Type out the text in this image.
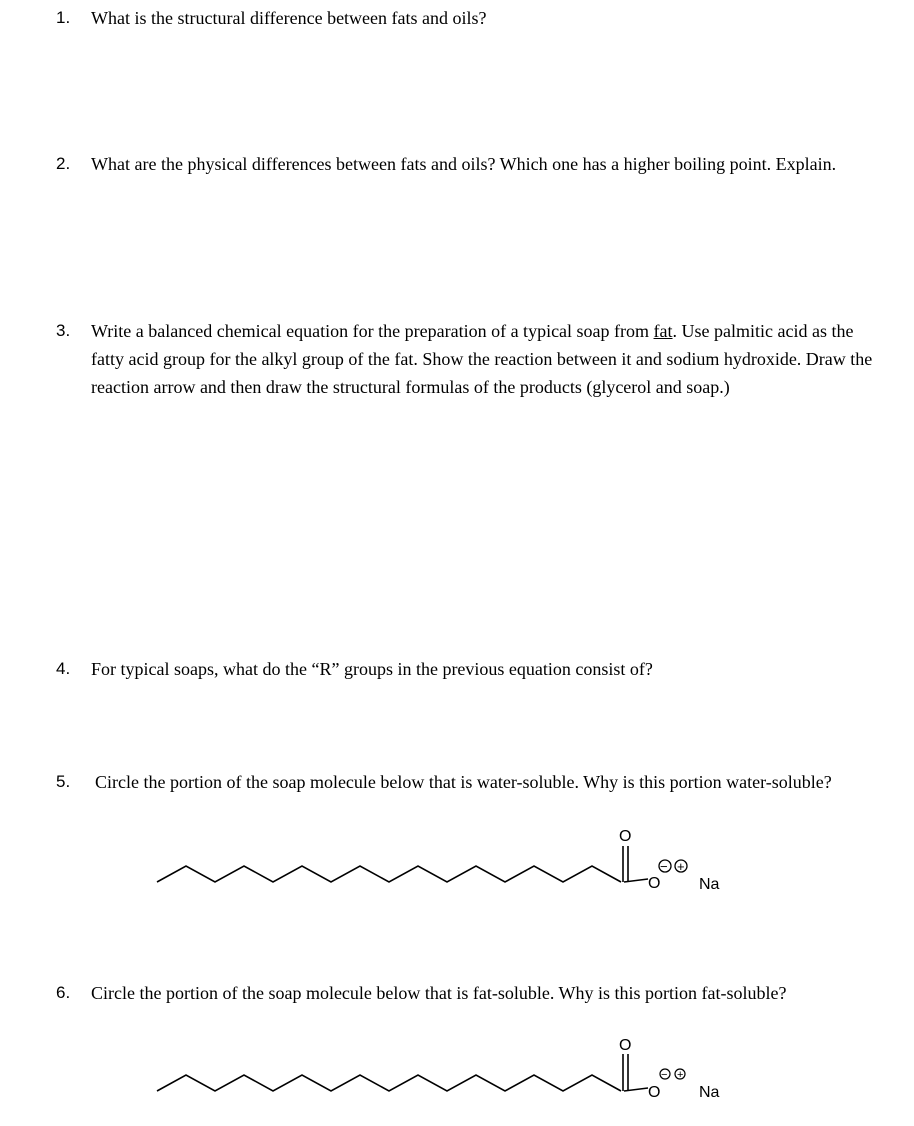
1.	What is the structural difference between fats and oils?
2.	What are the physical differences between fats and oils? Which one has a higher boiling point. Explain.
3.	Write a balanced chemical equation for the preparation of a typical soap from fat. Use palmitic acid as the fatty acid group for the alkyl group of the fat. Show the reaction between it and sodium hydroxide. Draw the reaction arrow and then draw the structural formulas of the products (glycerol and soap.)
4.	For typical soaps, what do the “R” groups in the previous equation consist of?
5.	Circle the portion of the soap molecule below that is water-soluble. Why is this portion water-soluble?
O
O
− +
Na
6.	Circle the portion of the soap molecule below that is fat-soluble. Why is this portion fat-soluble?
O
O
− +
Na
